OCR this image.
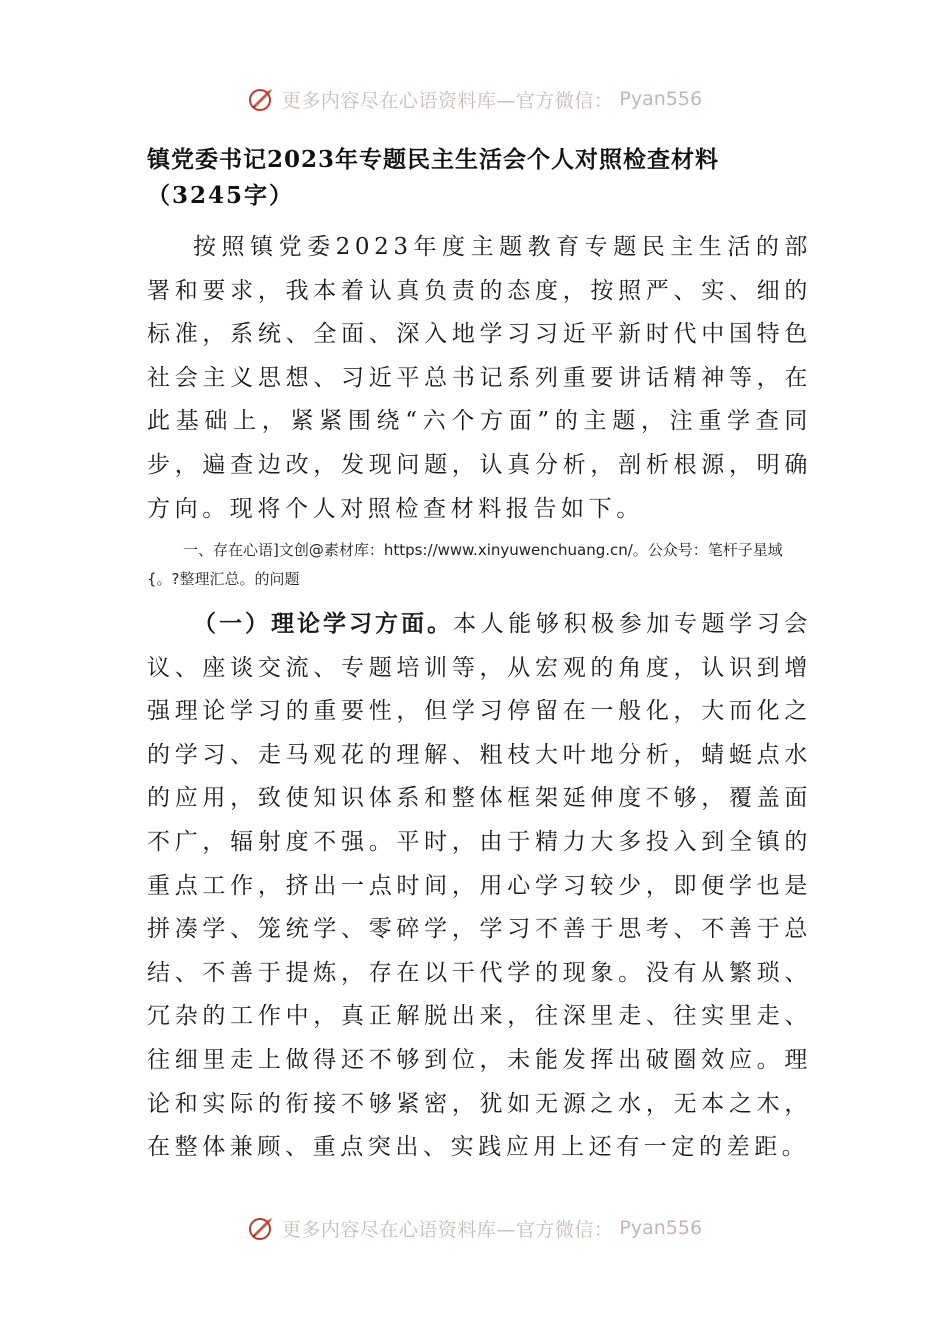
更多内容尽在心语资料库—官方微信： Pyan556
镇党委书记2023年专题民主生活会个人对照检查材料
（3245字）

按照镇党委2023年度主题教育专题民主生活的部署和要求，我本着认真负责的态度，按照严、实、细的标准，系统、全面、深入地学习习近平新时代中国特色社会主义思想、习近平总书记系列重要讲话精神等，在此基础上，紧紧围绕“六个方面”的主题，注重学查同步，遍查边改，发现问题，认真分析，剖析根源，明确方向。现将个人对照检查材料报告如下。

一、存在心语]文创@素材库：https://www.xinyuwenchuang.cn/。公众号：笔杆子星域{。?整理汇总。的问题

（一）理论学习方面。本人能够积极参加专题学习会议、座谈交流、专题培训等，从宏观的角度，认识到增强理论学习的重要性，但学习停留在一般化，大而化之的学习、走马观花的理解、粗枝大叶地分析，蜻蜓点水的应用，致使知识体系和整体框架延伸度不够，覆盖面不广，辐射度不强。平时，由于精力大多投入到全镇的重点工作，挤出一点时间，用心学习较少，即便学也是拼凑学、笼统学、零碎学，学习不善于思考、不善于总结、不善于提炼，存在以干代学的现象。没有从繁琐、冗杂的工作中，真正解脱出来，往深里走、往实里走、往细里走上做得还不够到位，未能发挥出破圈效应。理论和实际的衔接不够紧密，犹如无源之水，无本之木，在整体兼顾、重点突出、实践应用上还有一定的差距。

更多内容尽在心语资料库—官方微信： Pyan556
